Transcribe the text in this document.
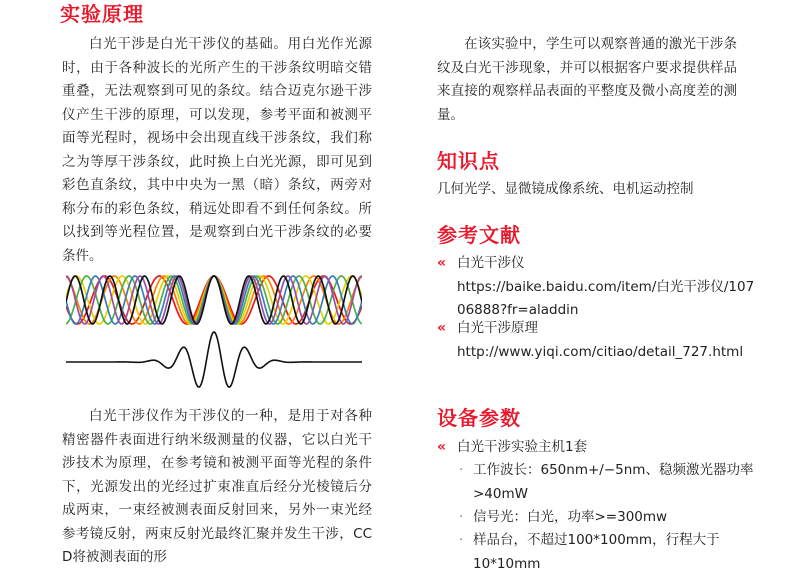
实验原理

白光干涉是白光干涉仪的基础。用白光作光源时，由于各种波长的光所产生的干涉条纹明暗交错重叠，无法观察到可见的条纹。结合迈克尔逊干涉仪产生干涉的原理，可以发现，参考平面和被测平面等光程时，视场中会出现直线干涉条纹，我们称之为等厚干涉条纹，此时换上白光光源，即可见到彩色直条纹，其中中央为一黑（暗）条纹，两旁对称分布的彩色条纹，稍远处即看不到任何条纹。所以找到等光程位置，是观察到白光干涉条纹的必要条件。

白光干涉仪作为干涉仪的一种，是用于对各种精密器件表面进行纳米级测量的仪器，它以白光干涉技术为原理，在参考镜和被测平面等光程的条件下，光源发出的光经过扩束准直后经分光棱镜后分成两束，一束经被测表面反射回来，另外一束光经参考镜反射，两束反射光最终汇聚并发生干涉，CCD将被测表面的形

在该实验中，学生可以观察普通的激光干涉条纹及白光干涉现象，并可以根据客户要求提供样品来直接的观察样品表面的平整度及微小高度差的测量。

知识点

几何光学、显微镜成像系统、电机运动控制

参考文献
« 白光干涉仪
https://baike.baidu.com/item/白光干涉仪/10706888?fr=aladdin
« 白光干涉原理
http://www.yiqi.com/citiao/detail_727.html
设备参数
« 白光干涉实验主机1套
· 工作波长：650nm+/−5nm、稳频激光器功率>40mW
· 信号光：白光，功率>=300mw
· 样品台，不超过100*100mm，行程大于10*10mm
